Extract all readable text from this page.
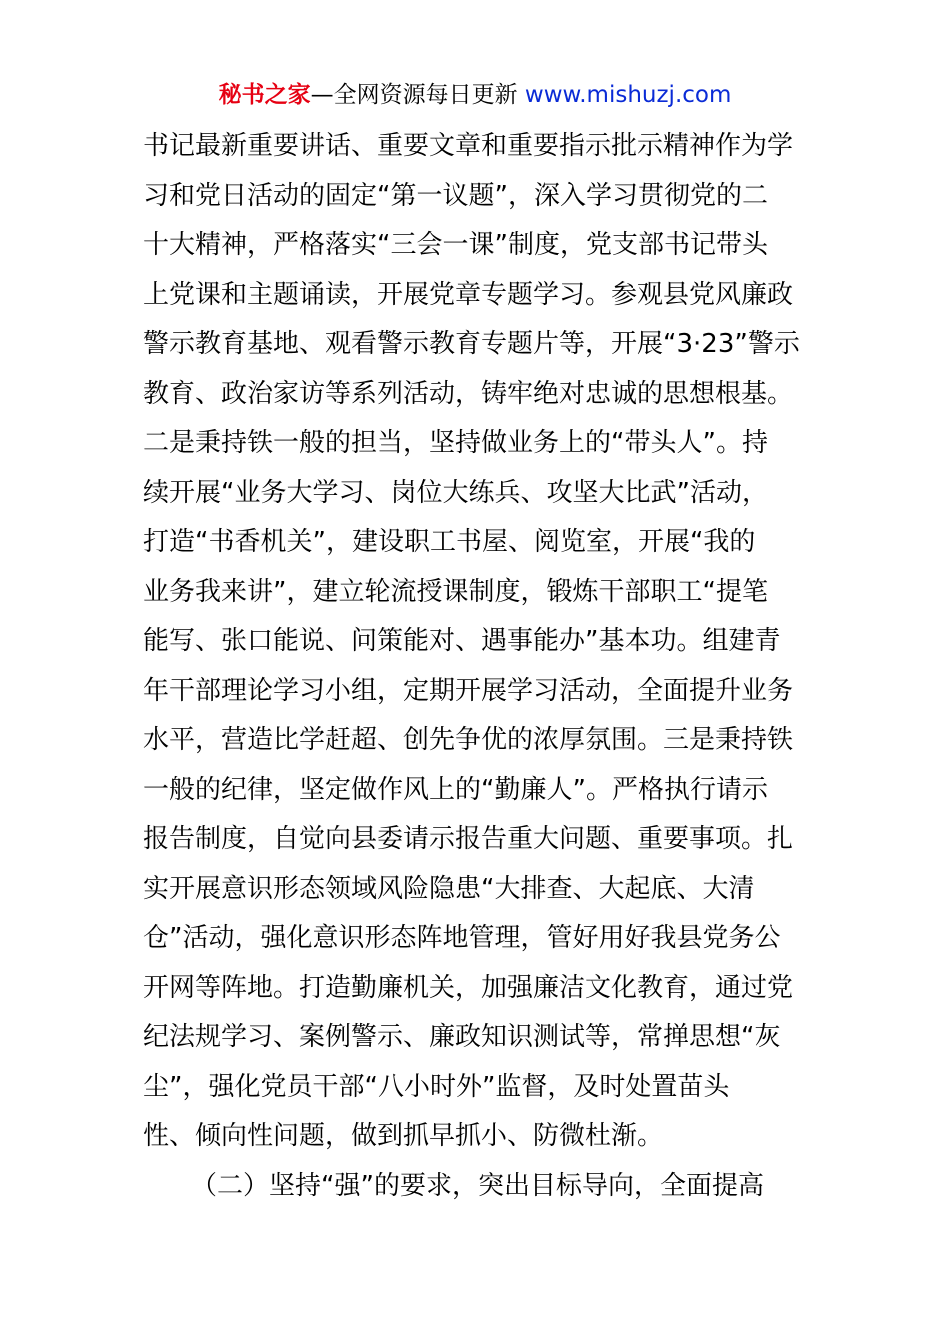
秘书之家—全网资源每日更新 www.mishuzj.com
书记最新重要讲话、重要文章和重要指示批示精神作为学
习和党日活动的固定“第一议题”，深入学习贯彻党的二
十大精神，严格落实“三会一课”制度，党支部书记带头
上党课和主题诵读，开展党章专题学习。参观县党风廉政
警示教育基地、观看警示教育专题片等，开展“3·23”警示
教育、政治家访等系列活动，铸牢绝对忠诚的思想根基。
二是秉持铁一般的担当，坚持做业务上的“带头人”。持
续开展“业务大学习、岗位大练兵、攻坚大比武”活动，
打造“书香机关”，建设职工书屋、阅览室，开展“我的
业务我来讲”，建立轮流授课制度，锻炼干部职工“提笔
能写、张口能说、问策能对、遇事能办”基本功。组建青
年干部理论学习小组，定期开展学习活动，全面提升业务
水平，营造比学赶超、创先争优的浓厚氛围。三是秉持铁
一般的纪律，坚定做作风上的“勤廉人”。严格执行请示
报告制度，自觉向县委请示报告重大问题、重要事项。扎
实开展意识形态领域风险隐患“大排查、大起底、大清
仓”活动，强化意识形态阵地管理，管好用好我县党务公
开网等阵地。打造勤廉机关，加强廉洁文化教育，通过党
纪法规学习、案例警示、廉政知识测试等，常掸思想“灰
尘”，强化党员干部“八小时外”监督，及时处置苗头
性、倾向性问题，做到抓早抓小、防微杜渐。
（二）坚持“强”的要求，突出目标导向，全面提高
